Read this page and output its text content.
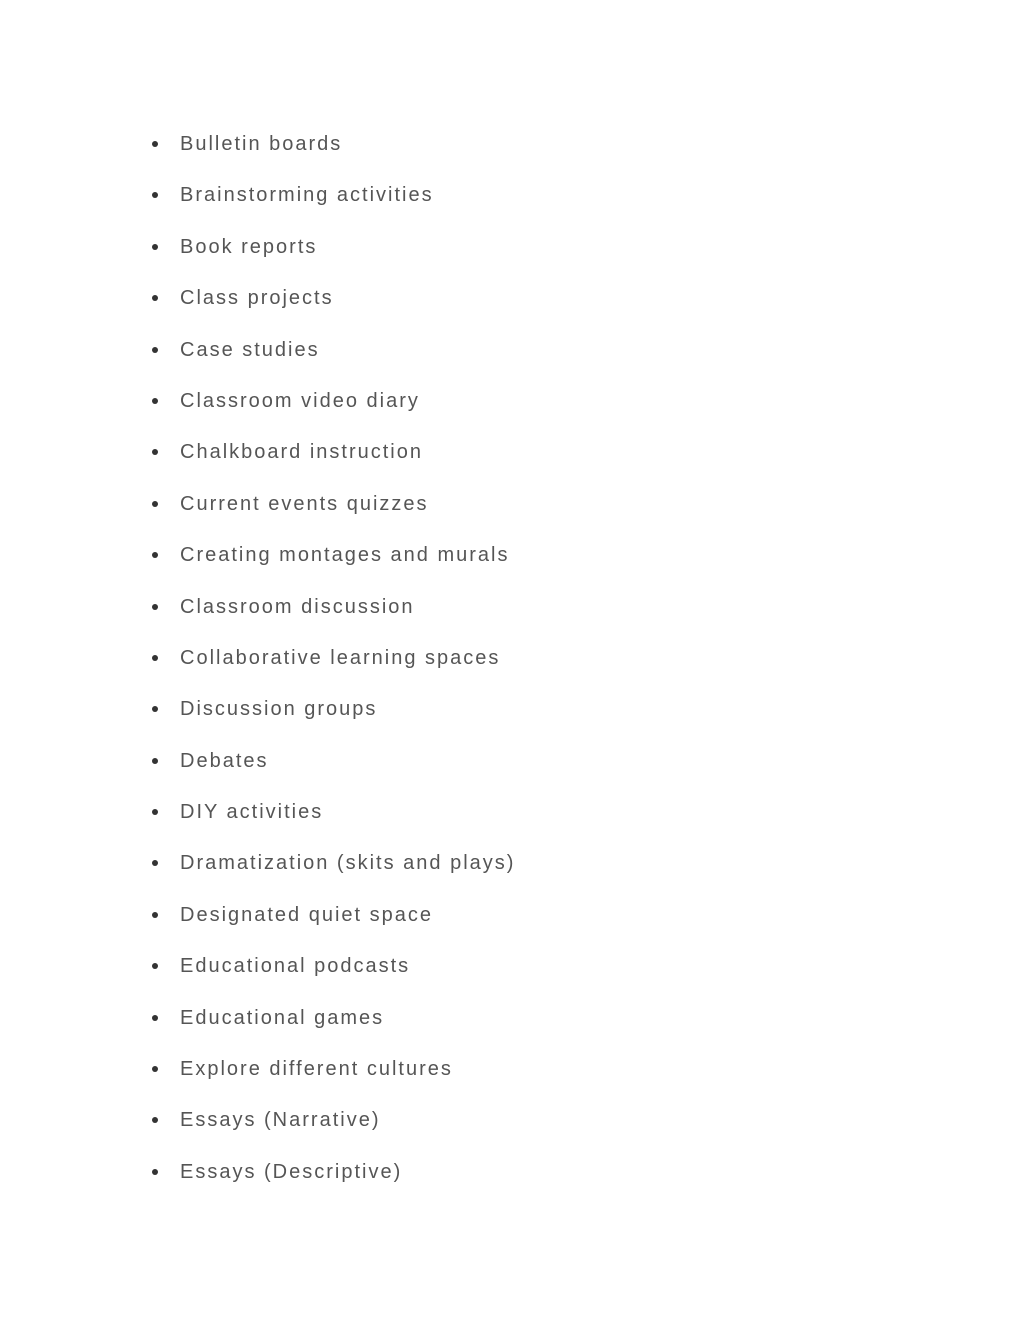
Bulletin boards
Brainstorming activities
Book reports
Class projects
Case studies
Classroom video diary
Chalkboard instruction
Current events quizzes
Creating montages and murals
Classroom discussion
Collaborative learning spaces
Discussion groups
Debates
DIY activities
Dramatization (skits and plays)
Designated quiet space
Educational podcasts
Educational games
Explore different cultures
Essays (Narrative)
Essays (Descriptive)
